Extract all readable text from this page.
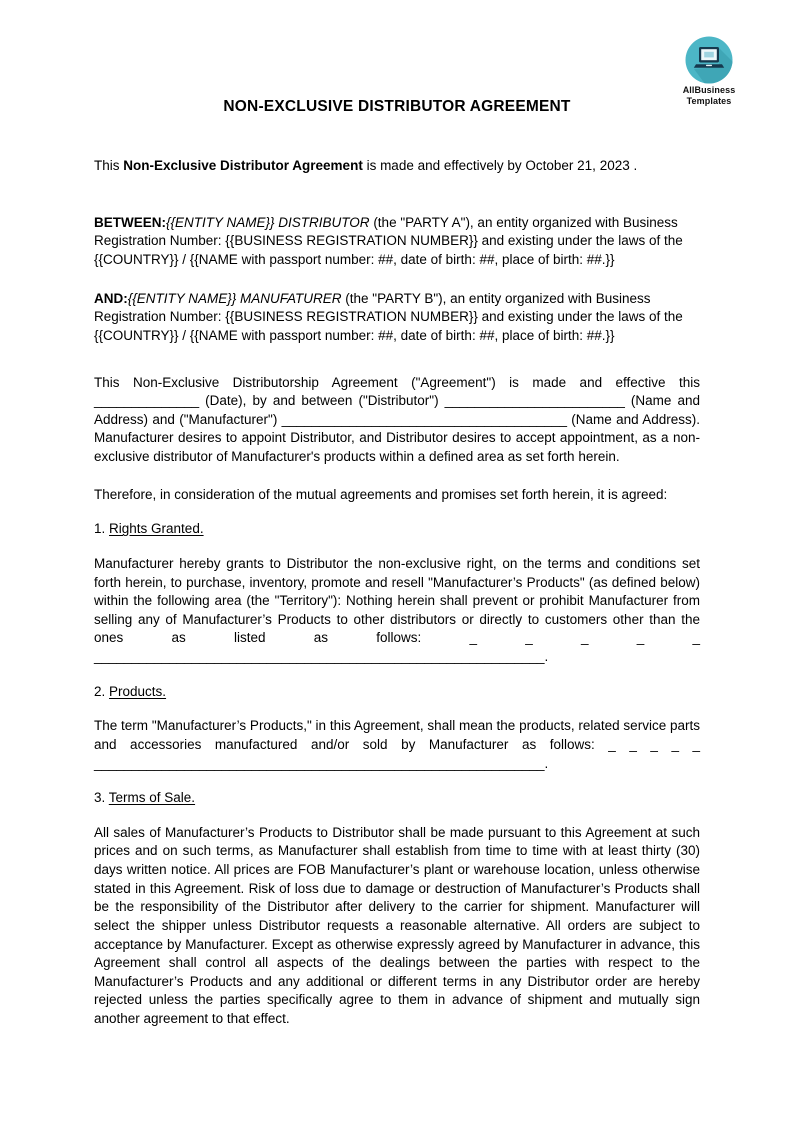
AllBusiness
Templates
NON-EXCLUSIVE DISTRIBUTOR AGREEMENT

This Non-Exclusive Distributor Agreement is made and effectively by October 21, 2023 .

BETWEEN:{{ENTITY NAME}} DISTRIBUTOR (the "PARTY A"), an entity organized with Business Registration Number: {{BUSINESS REGISTRATION NUMBER}} and existing under the laws of the {{COUNTRY}} / {{NAME with passport number: ##, date of birth: ##, place of birth: ##.}}

AND:{{ENTITY NAME}} MANUFATURER (the "PARTY B"), an entity organized with Business Registration Number: {{BUSINESS REGISTRATION NUMBER}} and existing under the laws of the {{COUNTRY}} / {{NAME with passport number: ##, date of birth: ##, place of birth: ##.}}

This Non-Exclusive Distributorship Agreement ("Agreement") is made and effective this ______________ (Date), by and between ("Distributor") ________________________ (Name and Address) and ("Manufacturer") ______________________________________ (Name and Address). Manufacturer desires to appoint Distributor, and Distributor desires to accept appointment, as a non-exclusive distributor of Manufacturer's products within a defined area as set forth herein.

Therefore, in consideration of the mutual agreements and promises set forth herein, it is agreed:

1. Rights Granted.

Manufacturer hereby grants to Distributor the non-exclusive right, on the terms and conditions set forth herein, to purchase, inventory, promote and resell "Manufacturer’s Products" (as defined below) within the following area (the "Territory"): Nothing herein shall prevent or prohibit Manufacturer from selling any of Manufacturer’s Products to other distributors or directly to customers other than the ones as listed as follows: _ _ _ _ _ ____________________________________________________________.

2. Products.

The term "Manufacturer’s Products," in this Agreement, shall mean the products, related service parts and accessories manufactured and/or sold by Manufacturer as follows: _ _ _ _ _ ____________________________________________________________.

3. Terms of Sale.

All sales of Manufacturer’s Products to Distributor shall be made pursuant to this Agreement at such prices and on such terms, as Manufacturer shall establish from time to time with at least thirty (30) days written notice. All prices are FOB Manufacturer’s plant or warehouse location, unless otherwise stated in this Agreement. Risk of loss due to damage or destruction of Manufacturer’s Products shall be the responsibility of the Distributor after delivery to the carrier for shipment. Manufacturer will select the shipper unless Distributor requests a reasonable alternative. All orders are subject to acceptance by Manufacturer. Except as otherwise expressly agreed by Manufacturer in advance, this Agreement shall control all aspects of the dealings between the parties with respect to the Manufacturer’s Products and any additional or different terms in any Distributor order are hereby rejected unless the parties specifically agree to them in advance of shipment and mutually sign another agreement to that effect.
